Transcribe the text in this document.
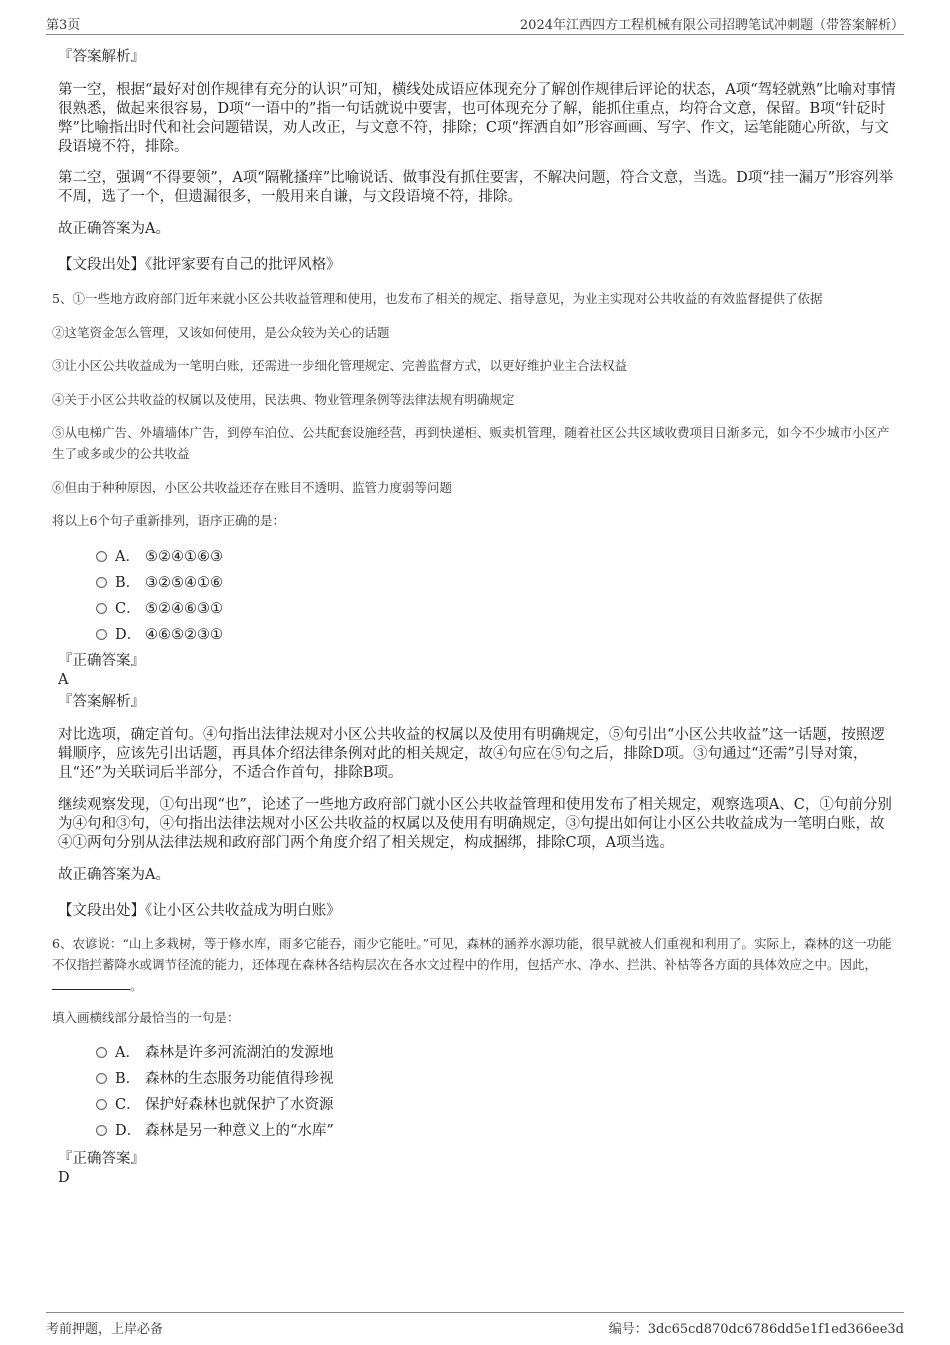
第3页	2024年江西四方工程机械有限公司招聘笔试冲刺题（带答案解析）
『答案解析』
第一空，根据“最好对创作规律有充分的认识”可知，横线处成语应体现充分了解创作规律后评论的状态，A项“驾轻就熟”比喻对事情很熟悉，做起来很容易，D项“一语中的”指一句话就说中要害，也可体现充分了解，能抓住重点，均符合文意，保留。B项“针砭时弊”比喻指出时代和社会问题错误，劝人改正，与文意不符，排除；C项“挥洒自如”形容画画、写字、作文，运笔能随心所欲，与文段语境不符，排除。
第二空，强调“不得要领”，A项“隔靴搔痒”比喻说话、做事没有抓住要害，不解决问题，符合文意，当选。D项“挂一漏万”形容列举不周，选了一个，但遗漏很多，一般用来自谦，与文段语境不符，排除。
故正确答案为A。
【文段出处】《批评家要有自己的批评风格》
5、①一些地方政府部门近年来就小区公共收益管理和使用，也发布了相关的规定、指导意见，为业主实现对公共收益的有效监督提供了依据
②这笔资金怎么管理，又该如何使用，是公众较为关心的话题
③让小区公共收益成为一笔明白账，还需进一步细化管理规定、完善监督方式，以更好维护业主合法权益
④关于小区公共收益的权属以及使用，民法典、物业管理条例等法律法规有明确规定
⑤从电梯广告、外墙墙体广告，到停车泊位、公共配套设施经营，再到快递柜、贩卖机管理，随着社区公共区域收费项目日渐多元，如今不少城市小区产生了或多或少的公共收益
⑥但由于种种原因，小区公共收益还存在账目不透明、监管力度弱等问题
将以上6个句子重新排列，语序正确的是：
A． ⑤②④①⑥③
B． ③②⑤④①⑥
C． ⑤②④⑥③①
D． ④⑥⑤②③①
『正确答案』
A
『答案解析』
对比选项，确定首句。④句指出法律法规对小区公共收益的权属以及使用有明确规定，⑤句引出“小区公共收益”这一话题，按照逻辑顺序，应该先引出话题，再具体介绍法律条例对此的相关规定，故④句应在⑤句之后，排除D项。③句通过“还需”引导对策，且“还”为关联词后半部分，不适合作首句，排除B项。
继续观察发现，①句出现“也”，论述了一些地方政府部门就小区公共收益管理和使用发布了相关规定，观察选项A、C，①句前分别为④句和③句，④句指出法律法规对小区公共收益的权属以及使用有明确规定，③句提出如何让小区公共收益成为一笔明白账，故④①两句分别从法律法规和政府部门两个角度介绍了相关规定，构成捆绑，排除C项，A项当选。
故正确答案为A。
【文段出处】《让小区公共收益成为明白账》
6、农谚说：“山上多栽树，等于修水库，雨多它能吞，雨少它能吐。”可见，森林的涵养水源功能，很早就被人们重视和利用了。实际上，森林的这一功能不仅指拦蓄降水或调节径流的能力，还体现在森林各结构层次在各水文过程中的作用，包括产水、净水、拦洪、补枯等各方面的具体效应之中。因此，。
填入画横线部分最恰当的一句是：
A． 森林是许多河流湖泊的发源地
B． 森林的生态服务功能值得珍视
C． 保护好森林也就保护了水资源
D． 森林是另一种意义上的“水库”
『正确答案』
D
考前押题，上岸必备	编号：3dc65cd870dc6786dd5e1f1ed366ee3d
